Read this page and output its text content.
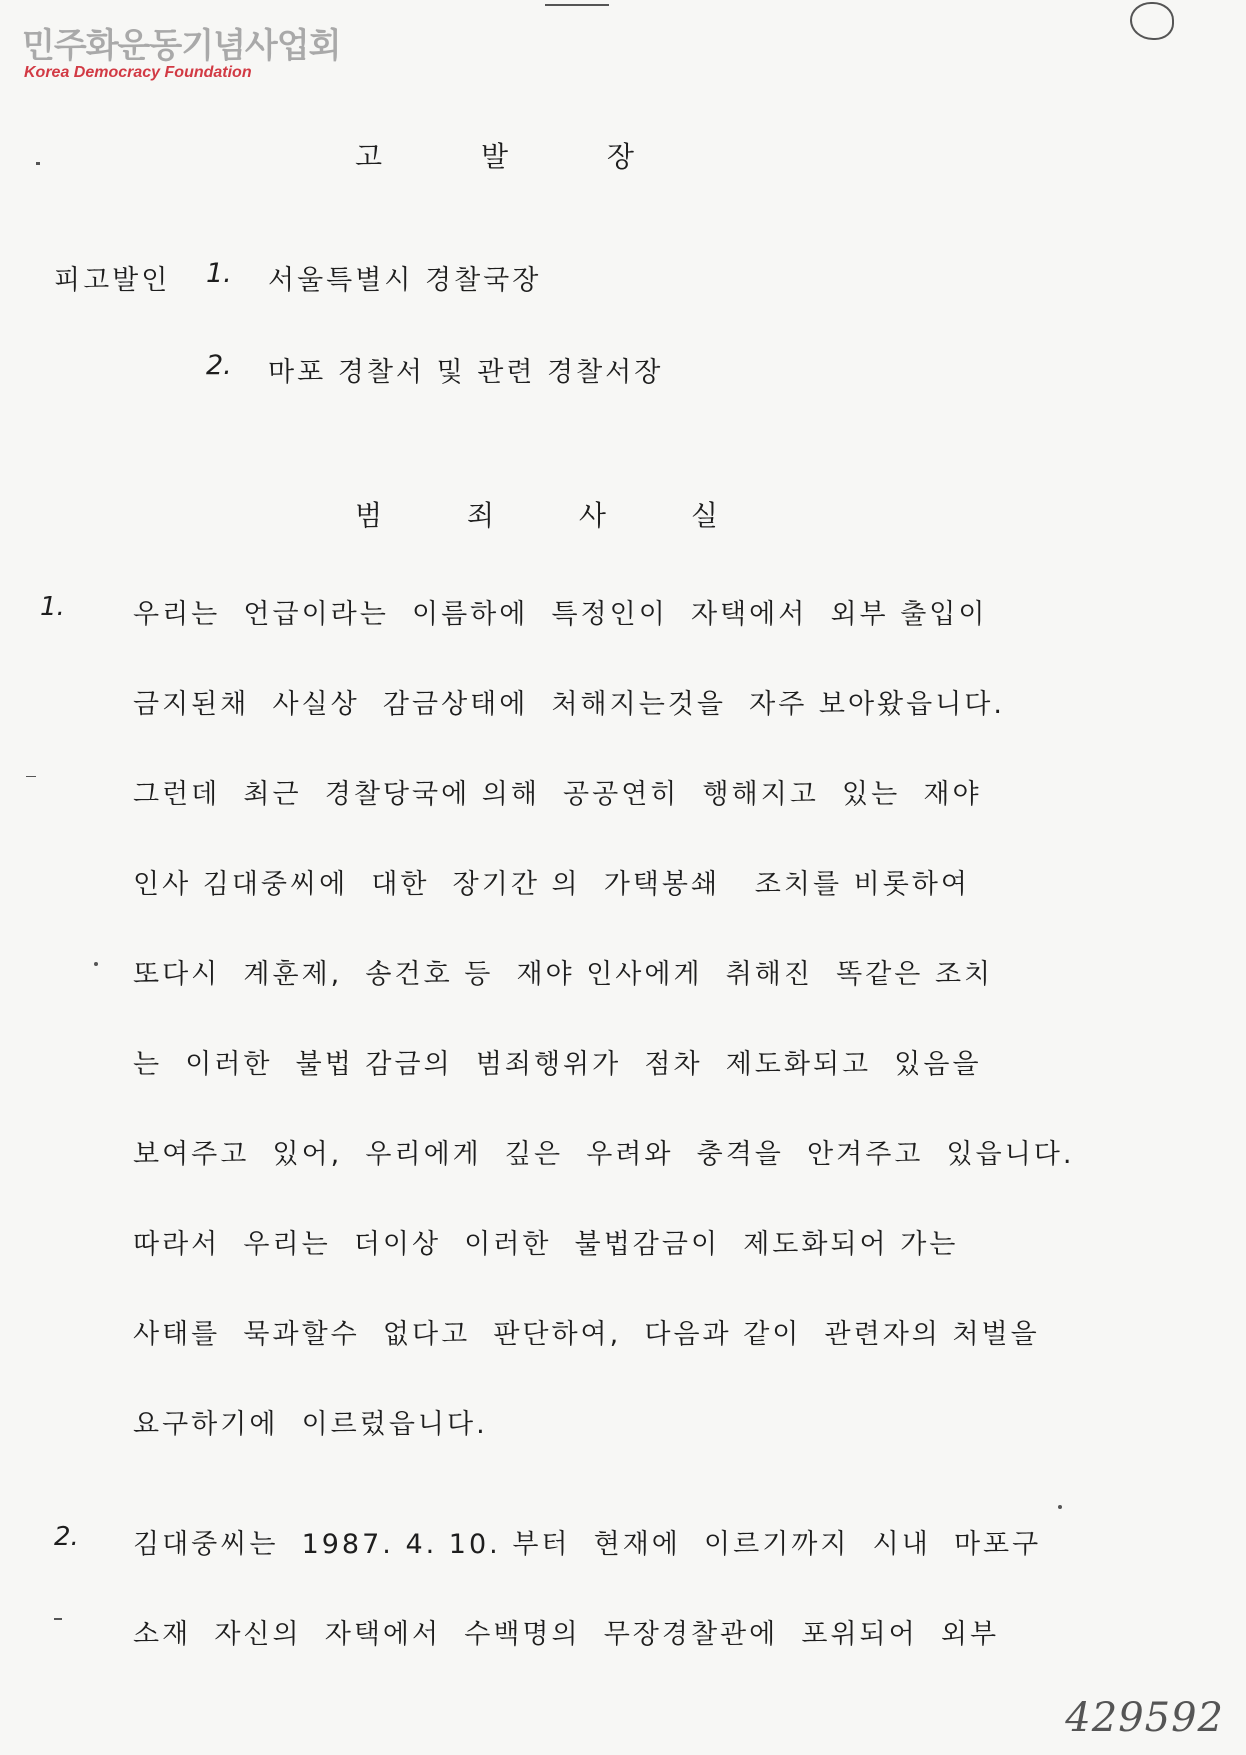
민주화운동기념사업회
Korea Democracy Foundation
고 발 장
피고발인 1. 서울특별시 경찰국장
2. 마포 경찰서 및 관련 경찰서장
범 죄 사 실
1.	우리는  언급이라는  이름하에  특정인이  자택에서  외부 출입이
금지된채  사실상  감금상태에  처해지는것을  자주 보아왔읍니다.
그런데  최근  경찰당국에 의해  공공연히  행해지고  있는  재야
인사 김대중씨에  대한  장기간 의  가택봉쇄   조치를 비롯하여
또다시  계훈제,  송건호 등  재야 인사에게  취해진  똑같은 조치
는  이러한  불법 감금의  범죄행위가  점차  제도화되고  있음을
보여주고  있어,  우리에게  깊은  우려와  충격을  안겨주고  있읍니다.
따라서  우리는  더이상  이러한  불법감금이  제도화되어 가는
사태를  묵과할수  없다고  판단하여,  다음과 같이  관련자의 처벌을
요구하기에  이르렀읍니다.
2. 김대중씨는  1987. 4. 10. 부터  현재에  이르기까지  시내  마포구
소재  자신의  자택에서  수백명의  무장경찰관에  포위되어  외부
429592
